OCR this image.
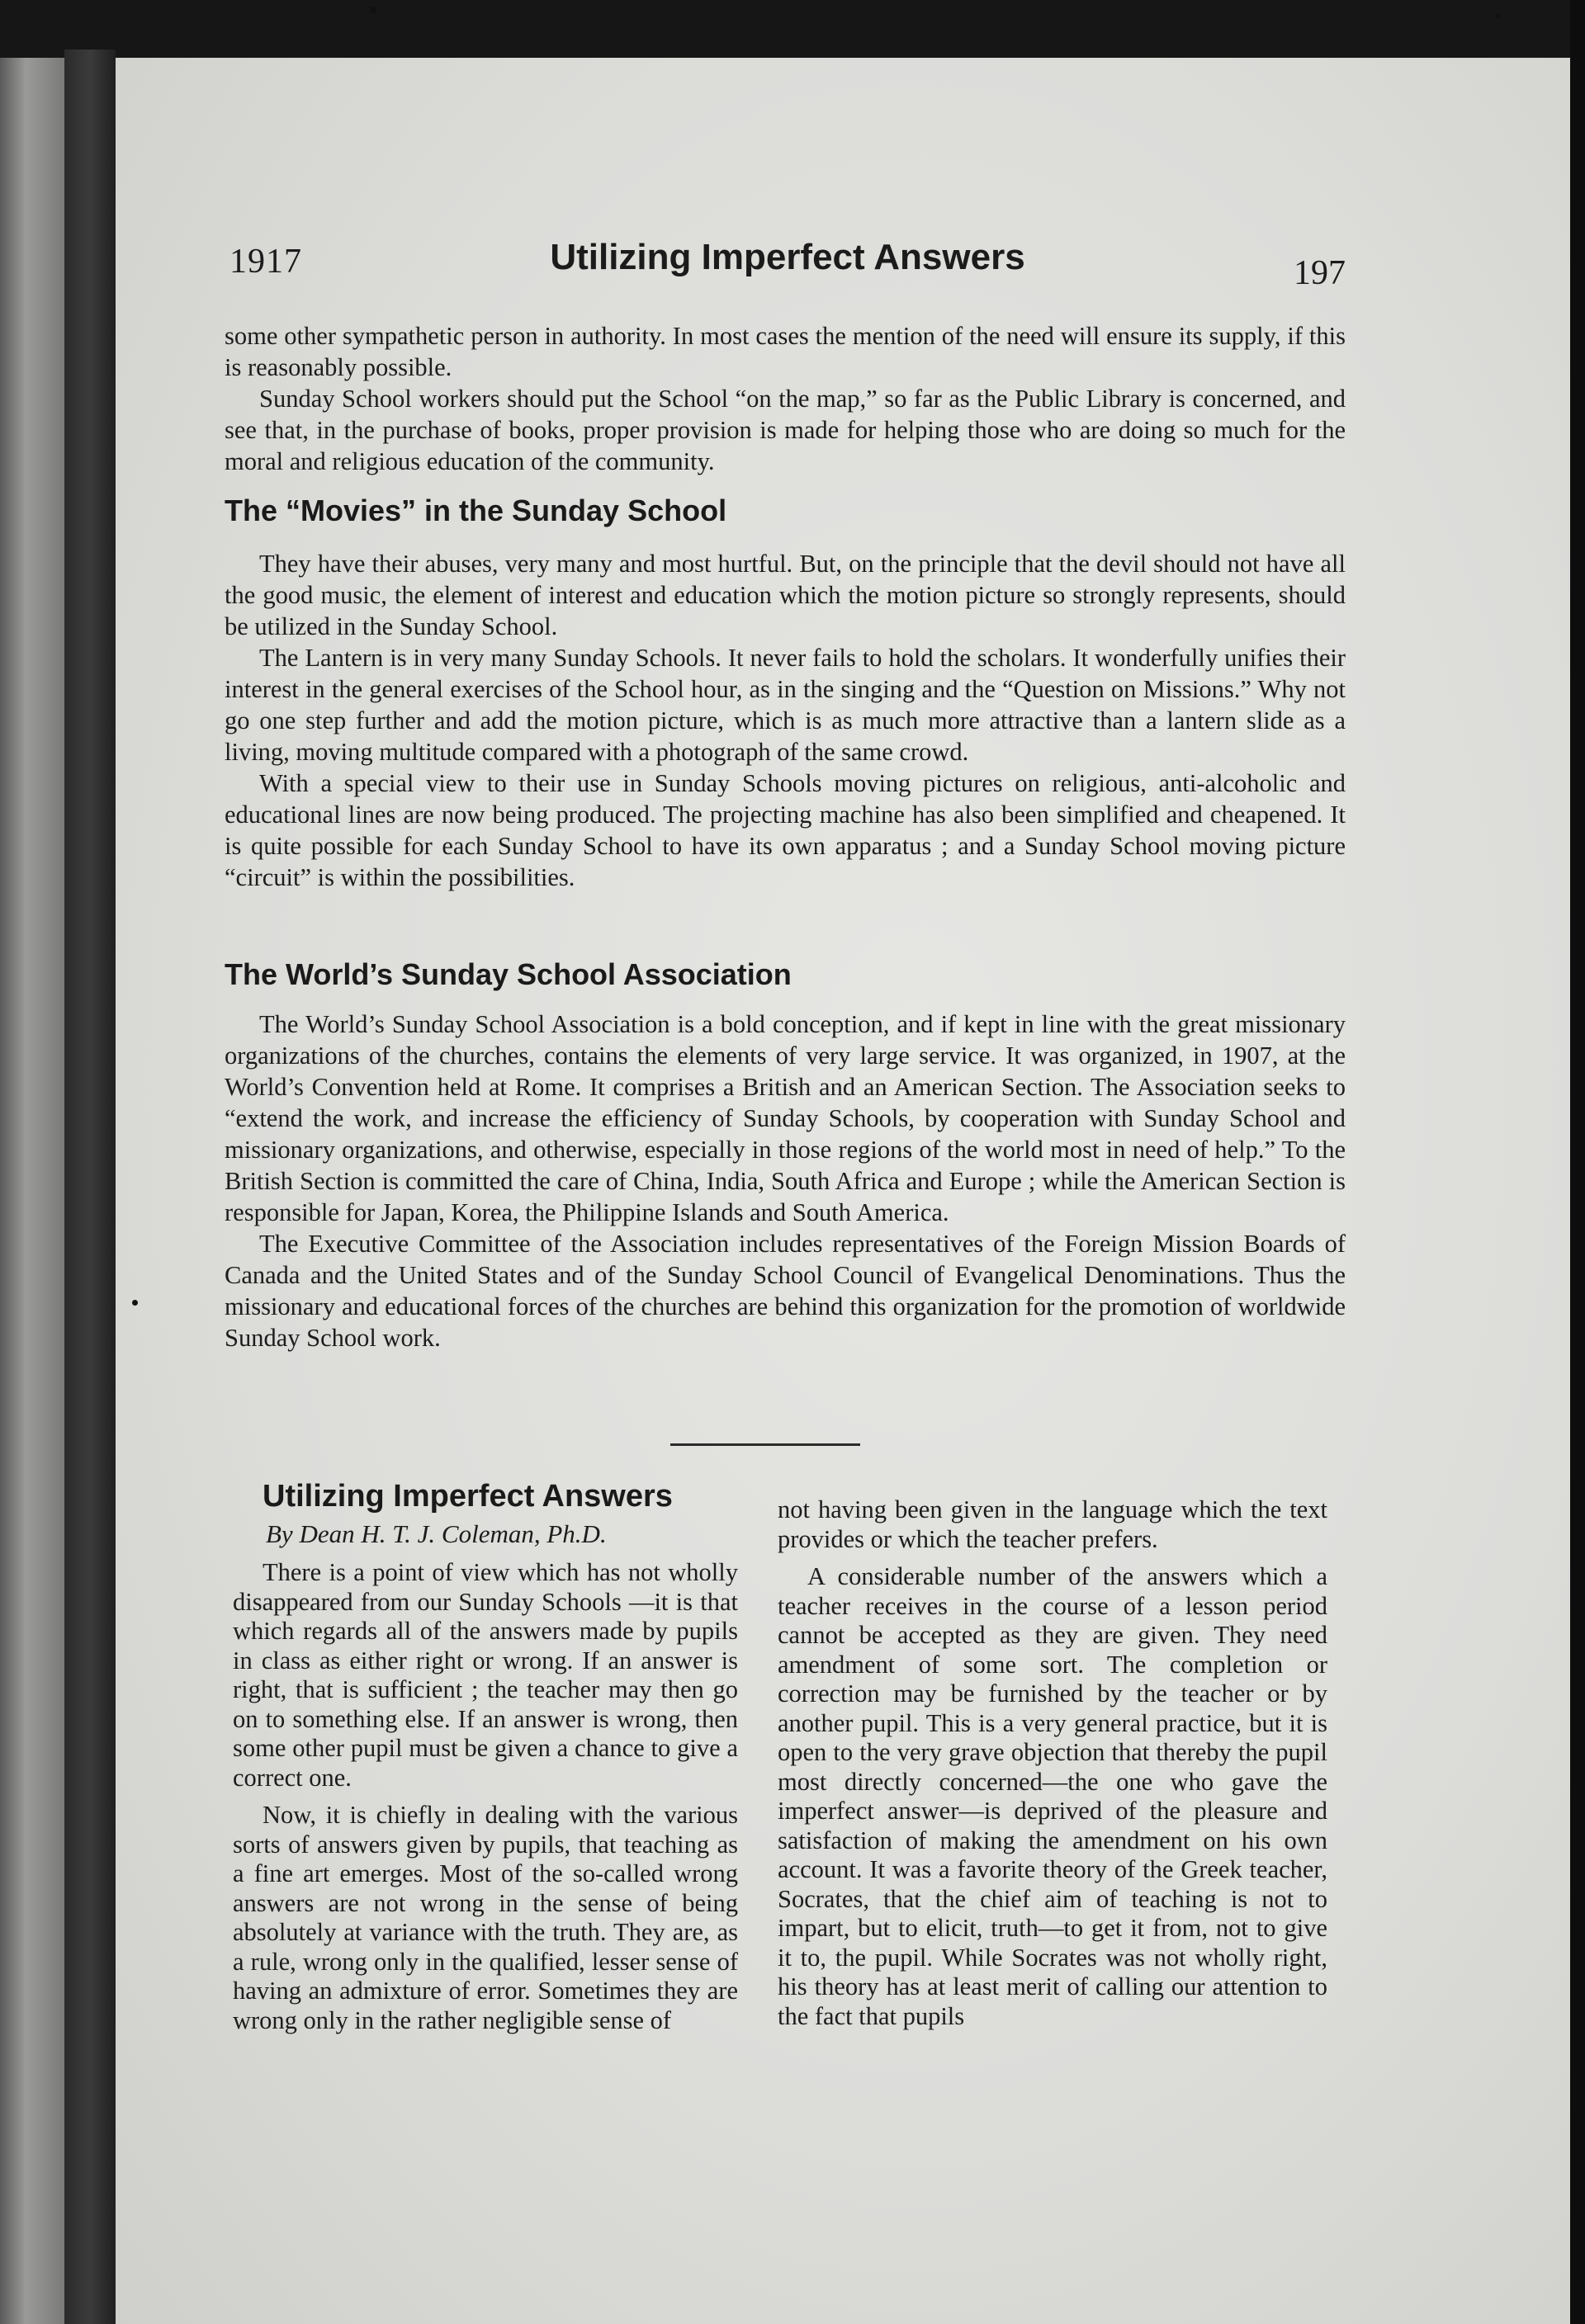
1917	Utilizing Imperfect Answers	197

some other sympathetic person in authority. In most cases the mention of the need will ensure its supply, if this is reasonably possible.

Sunday School workers should put the School “on the map,” so far as the Public Library is concerned, and see that, in the purchase of books, proper provision is made for helping those who are doing so much for the moral and religious education of the community.

The “Movies” in the Sunday School

They have their abuses, very many and most hurtful. But, on the principle that the devil should not have all the good music, the element of interest and education which the motion picture so strongly represents, should be utilized in the Sunday School.

The Lantern is in very many Sunday Schools. It never fails to hold the scholars. It wonderfully unifies their interest in the general exercises of the School hour, as in the singing and the “Question on Missions.” Why not go one step further and add the motion picture, which is as much more attractive than a lantern slide as a living, moving multitude compared with a photograph of the same crowd.

With a special view to their use in Sunday Schools moving pictures on religious, anti-alcoholic and educational lines are now being produced. The projecting machine has also been simplified and cheapened. It is quite possible for each Sunday School to have its own apparatus ; and a Sunday School moving picture “circuit” is within the possibilities.

The World’s Sunday School Association

The World’s Sunday School Association is a bold conception, and if kept in line with the great missionary organizations of the churches, contains the elements of very large service. It was organized, in 1907, at the World’s Convention held at Rome. It comprises a British and an American Section. The Association seeks to “extend the work, and increase the efficiency of Sunday Schools, by cooperation with Sunday School and missionary organizations, and otherwise, especially in those regions of the world most in need of help.” To the British Section is committed the care of China, India, South Africa and Europe ; while the American Section is responsible for Japan, Korea, the Philippine Islands and South America.

The Executive Committee of the Association includes representatives of the Foreign Mission Boards of Canada and the United States and of the Sunday School Council of Evangelical Denominations. Thus the missionary and educational forces of the churches are behind this organization for the promotion of worldwide Sunday School work.

Utilizing Imperfect Answers
By Dean H. T. J. Coleman, Ph.D.

There is a point of view which has not wholly disappeared from our Sunday Schools —it is that which regards all of the answers made by pupils in class as either right or wrong. If an answer is right, that is sufficient ; the teacher may then go on to something else. If an answer is wrong, then some other pupil must be given a chance to give a correct one.

Now, it is chiefly in dealing with the various sorts of answers given by pupils, that teaching as a fine art emerges. Most of the so-called wrong answers are not wrong in the sense of being absolutely at variance with the truth. They are, as a rule, wrong only in the qualified, lesser sense of having an admixture of error. Sometimes they are wrong only in the rather negligible sense of

not having been given in the language which the text provides or which the teacher prefers.

A considerable number of the answers which a teacher receives in the course of a lesson period cannot be accepted as they are given. They need amendment of some sort. The completion or correction may be furnished by the teacher or by another pupil. This is a very general practice, but it is open to the very grave objection that thereby the pupil most directly concerned—the one who gave the imperfect answer—is deprived of the pleasure and satisfaction of making the amendment on his own account. It was a favorite theory of the Greek teacher, Socrates, that the chief aim of teaching is not to impart, but to elicit, truth—to get it from, not to give it to, the pupil. While Socrates was not wholly right, his theory has at least merit of calling our attention to the fact that pupils
